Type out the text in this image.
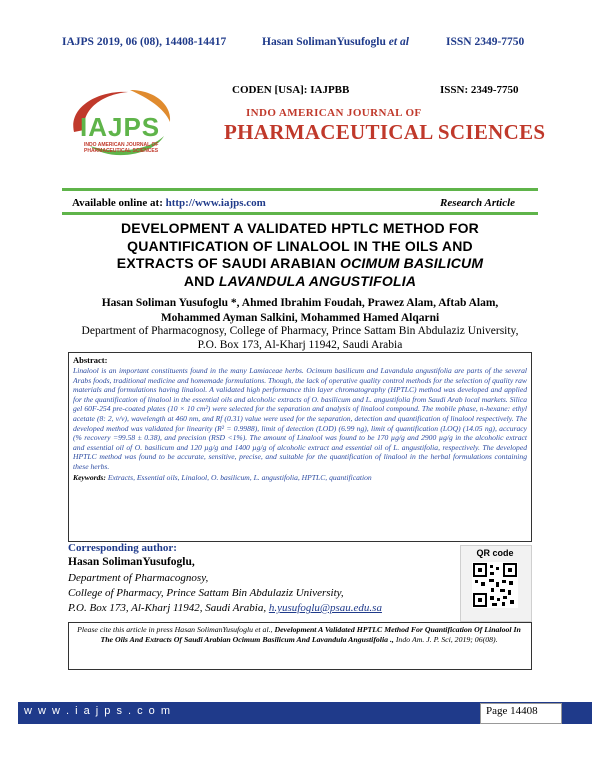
IAJPS 2019, 06 (08), 14408-14417	Hasan SolimanYusufoglu et al	ISSN 2349-7750
IAJPS
INDO AMERICAN JOURNAL OF
PHARMACEUTICAL SCIENCES
CODEN [USA]: IAJPBB	ISSN: 2349-7750
INDO AMERICAN JOURNAL OF
PHARMACEUTICAL SCIENCES
Available online at: http://www.iajps.com	Research Article
DEVELOPMENT A VALIDATED HPTLC METHOD FOR
QUANTIFICATION OF LINALOOL IN THE OILS AND
EXTRACTS OF SAUDI ARABIAN OCIMUM BASILICUM
AND LAVANDULA ANGUSTIFOLIA
Hasan Soliman Yusufoglu *, Ahmed Ibrahim Foudah, Prawez Alam, Aftab Alam,
Mohammed Ayman Salkini, Mohammed Hamed Alqarni
Department of Pharmacognosy, College of Pharmacy, Prince Sattam Bin Abdulaziz University,
P.O. Box 173, Al-Kharj 11942, Saudi Arabia
Abstract:
Linalool is an important constituents found in the many Lamiaceae herbs. Ocimum basilicum and Lavandula angustifolia are parts of the several Arabs foods, traditional medicine and homemade formulations. Though, the lack of operative quality control methods for the selection of quality raw materials and formulations having linalool. A validated high performance thin layer chromatography (HPTLC) method was developed and applied for the quantification of linalool in the essential oils and alcoholic extracts of O. basilicum and L. angustifolia from Saudi Arab local markets. Silica gel 60F-254 pre-coated plates (10 × 10 cm²) were selected for the separation and analysis of linalool compound. The mobile phase, n-hexane: ethyl acetate (8: 2, v/v), wavelength at 460 nm, and Rf (0.31) value were used for the separation, detection and quantification of linalool respectively. The developed method was validated for linearity (R² = 0.9988), limit of detection (LOD) (6.99 ng), limit of quantification (LOQ) (14.05 ng), accuracy (% recovery =99.58 ± 0.38), and precision (RSD <1%). The amount of Linalool was found to be 170 µg/g and 2900 µg/g in the alcoholic extract and essential oil of O. basilicum and 120 µg/g and 1400 µg/g of alcoholic extract and essential oil of L. angustifolia, respectively. The developed HPTLC method was found to be accurate, sensitive, precise, and suitable for the quantification of linalool in the herbal formulations containing these herbs.
Keywords: Extracts, Essential oils, Linalool, O. basilicum, L. angustifolia, HPTLC, quantification
Corresponding author:
Hasan SolimanYusufoglu,
Department of Pharmacognosy,
College of Pharmacy, Prince Sattam Bin Abdulaziz University,
P.O. Box 173, Al-Kharj 11942, Saudi Arabia, h.yusufoglu@psau.edu.sa
QR code
Please cite this article in press Hasan SolimanYusufoglu et al., Development A Validated HPTLC Method For Quantification Of Linalool In The Oils And Extracts Of Saudi Arabian Ocimum Basilicum And Lavandula Angustifolia ., Indo Am. J. P. Sci, 2019; 06(08).
w w w . i a j p s . c o m	Page 14408
